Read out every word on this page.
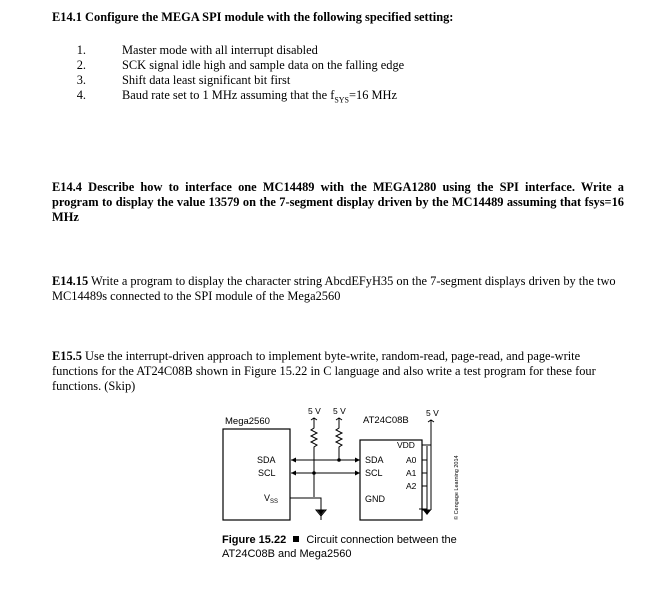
E14.1 Configure the MEGA SPI module with the following specified setting:
1.	Master mode with all interrupt disabled
2.	SCK signal idle high and sample data on the falling edge
3.	Shift data least significant bit first
4.	Baud rate set to 1 MHz assuming that the $f_{SYS}=16$ MHz
E14.4 Describe how to interface one MC14489 with the MEGA1280 using the SPI interface. Write a program to display the value 13579 on the 7-segment display driven by the MC14489 assuming that fsys=16 MHz
E14.15 Write a program to display the character string AbcdEFyH35 on the 7-segment displays driven by the two MC14489s connected to the SPI module of the Mega2560
E15.5 Use the interrupt-driven approach to implement byte-write, random-read, page-read, and page-write functions for the AT24C08B shown in Figure 15.22 in C language and also write a test program for these four functions. (Skip)
Mega2560
SDA
SCL
$V_{SS}$
AT24C08B
VDD
SDA
SCL
GND
A0
A1
A2
5 V 5 V	5 V
© Cengage Learning 2014
Figure 15.22 Circuit connection between the AT24C08B and Mega2560
